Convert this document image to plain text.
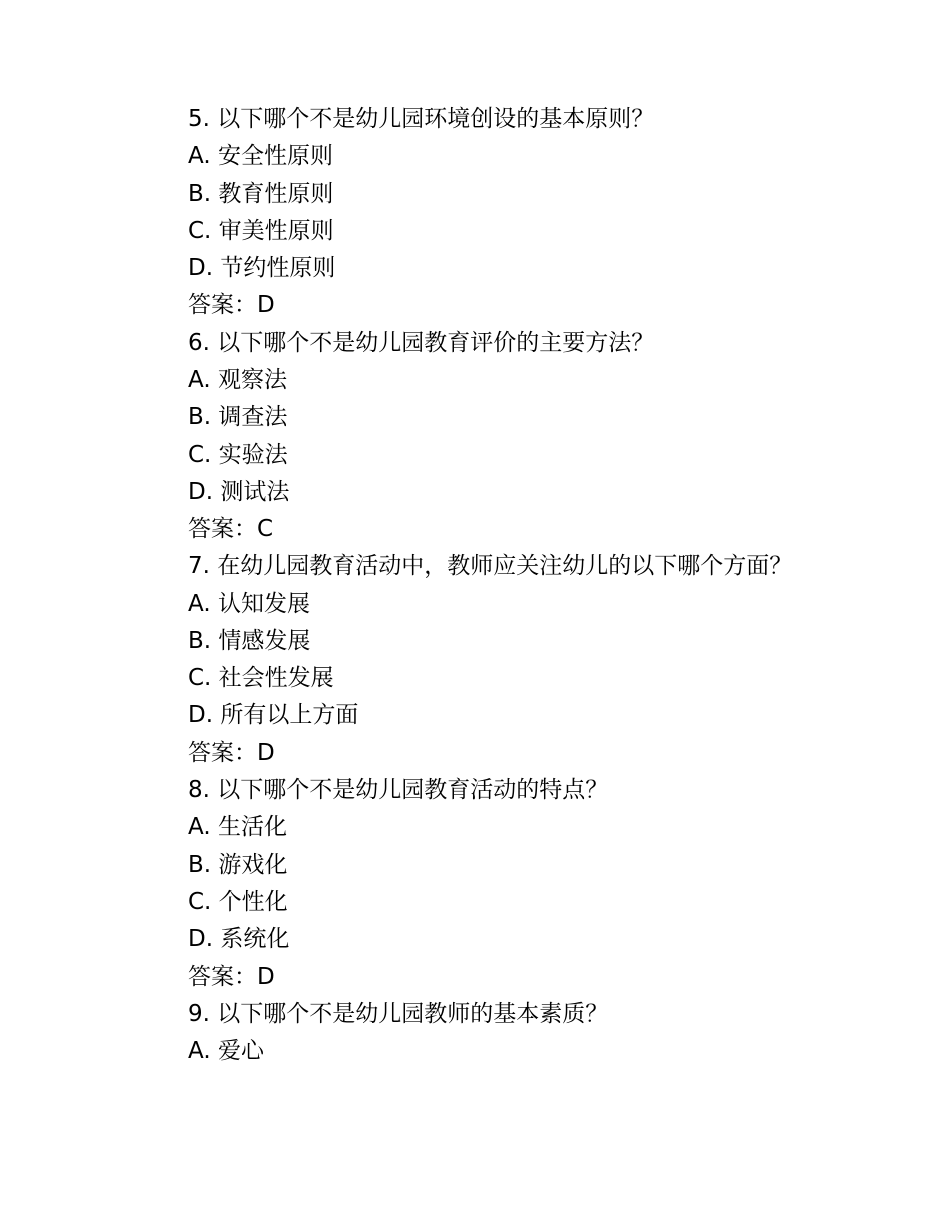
5. 以下哪个不是幼儿园环境创设的基本原则？
A. 安全性原则
B. 教育性原则
C. 审美性原则
D. 节约性原则
答案：D
6. 以下哪个不是幼儿园教育评价的主要方法？
A. 观察法
B. 调查法
C. 实验法
D. 测试法
答案：C
7. 在幼儿园教育活动中，教师应关注幼儿的以下哪个方面？
A. 认知发展
B. 情感发展
C. 社会性发展
D. 所有以上方面
答案：D
8. 以下哪个不是幼儿园教育活动的特点？
A. 生活化
B. 游戏化
C. 个性化
D. 系统化
答案：D
9. 以下哪个不是幼儿园教师的基本素质？
A. 爱心
